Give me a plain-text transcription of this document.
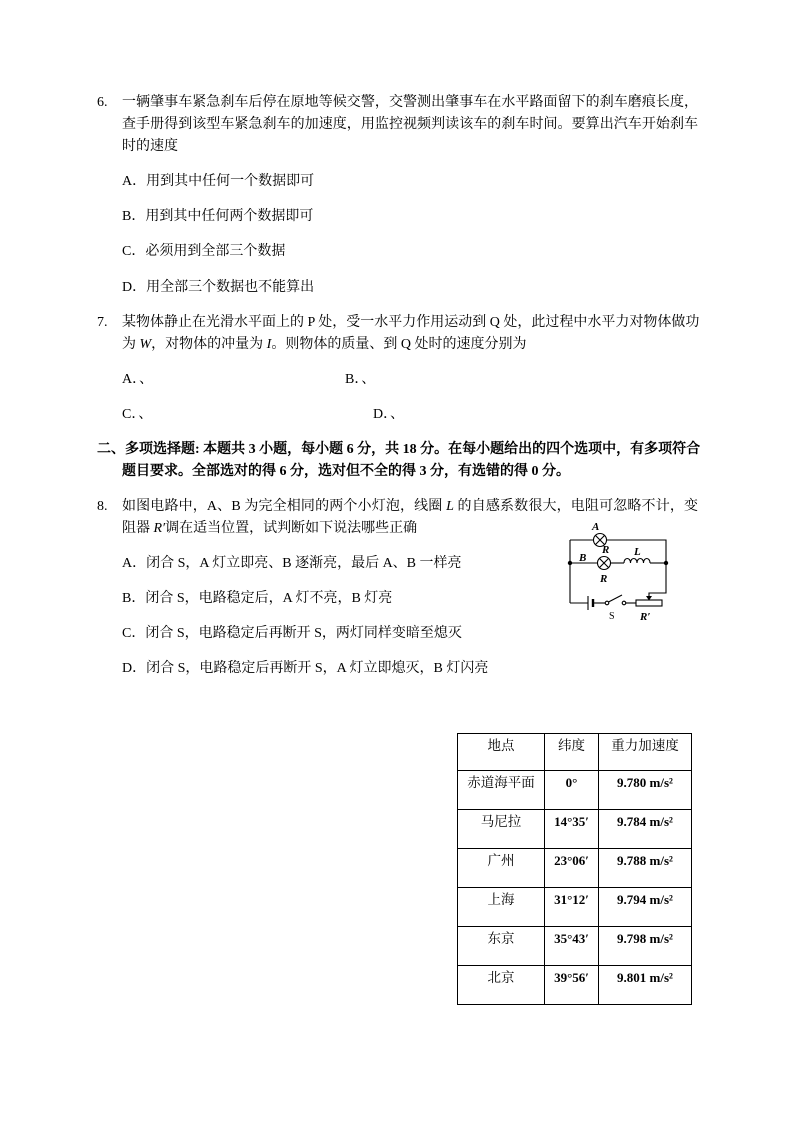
6. 一辆肇事车紧急刹车后停在原地等候交警，交警测出肇事车在水平路面留下的刹车磨痕长度，
查手册得到该型车紧急刹车的加速度，用监控视频判读该车的刹车时间。要算出汽车开始刹车
时的速度
A．用到其中任何一个数据即可
B．用到其中任何两个数据即可
C．必须用到全部三个数据
D．用全部三个数据也不能算出
7. 某物体静止在光滑水平面上的 P 处，受一水平力作用运动到 Q 处，此过程中水平力对物体做功
为 W，对物体的冲量为 I。则物体的质量、到 Q 处时的速度分别为
A．、	B．、
C．、	D．、
二、多项选择题: 本题共 3 小题，每小题 6 分，共 18 分。在每小题给出的四个选项中，有多项符合
题目要求。全部选对的得 6 分，选对但不全的得 3 分，有选错的得 0 分。
8. 如图电路中，A、B 为完全相同的两个小灯泡，线圈 L 的自感系数很大，电阻可忽略不计，变
阻器 R′调在适当位置，试判断如下说法哪些正确
A．闭合 S，A 灯立即亮、B 逐渐亮，最后 A、B 一样亮
B．闭合 S，电路稳定后，A 灯不亮，B 灯亮
C．闭合 S，电路稳定后再断开 S，两灯同样变暗至熄灭
D．闭合 S，电路稳定后再断开 S，A 灯立即熄灭，B 灯闪亮
A
R
B
R
L
S R′
地点	纬度	重力加速度
赤道海平面	0°	9.780 m/s²
马尼拉	14°35′	9.784 m/s²
广州	23°06′	9.788 m/s²
上海	31°12′	9.794 m/s²
东京	35°43′	9.798 m/s²
北京	39°56′	9.801 m/s²
